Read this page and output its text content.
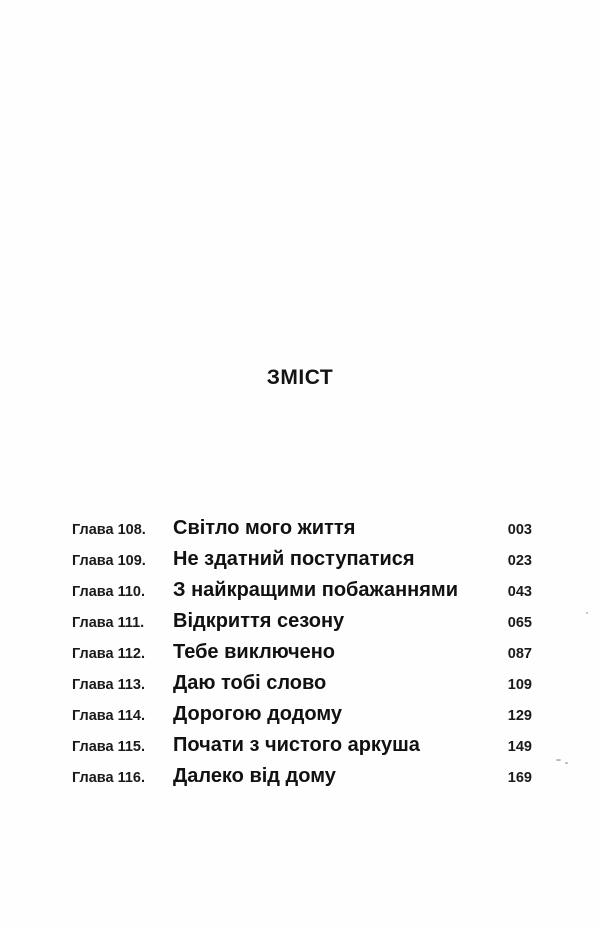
ЗМІСТ
Глава 108. Світло мого життя	003
Глава 109. Не здатний поступатися	023
Глава 110. З найкращими побажаннями	043
Глава 111. Відкриття сезону	065
Глава 112. Тебе виключено	087
Глава 113. Даю тобі слово	109
Глава 114. Дорогою додому	129
Глава 115. Почати з чистого аркуша	149
Глава 116. Далеко від дому	169
